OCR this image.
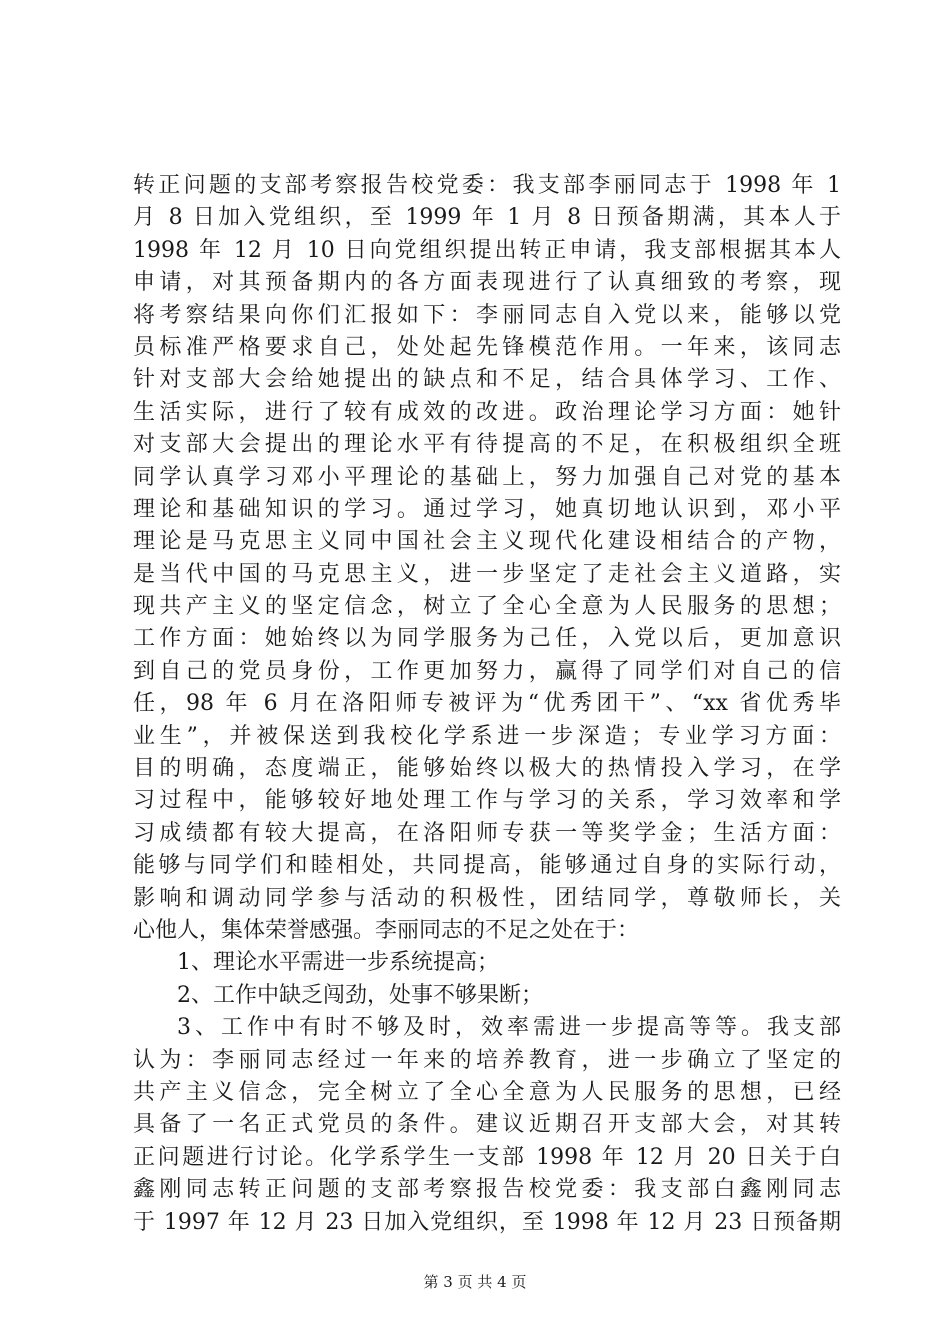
转正问题的支部考察报告校党委：我支部李丽同志于 1998 年 1
月 8 日加入党组织，至 1999 年 1 月 8 日预备期满，其本人于
1998 年 12 月 10 日向党组织提出转正申请，我支部根据其本人
申请，对其预备期内的各方面表现进行了认真细致的考察，现
将考察结果向你们汇报如下：李丽同志自入党以来，能够以党
员标准严格要求自己，处处起先锋模范作用。一年来，该同志
针对支部大会给她提出的缺点和不足，结合具体学习、工作、
生活实际，进行了较有成效的改进。政治理论学习方面：她针
对支部大会提出的理论水平有待提高的不足，在积极组织全班
同学认真学习邓小平理论的基础上，努力加强自己对党的基本
理论和基础知识的学习。通过学习，她真切地认识到，邓小平
理论是马克思主义同中国社会主义现代化建设相结合的产物，
是当代中国的马克思主义，进一步坚定了走社会主义道路，实
现共产主义的坚定信念，树立了全心全意为人民服务的思想；
工作方面：她始终以为同学服务为己任，入党以后，更加意识
到自己的党员身份，工作更加努力，赢得了同学们对自己的信
任，98 年 6 月在洛阳师专被评为“优秀团干”、“xx 省优秀毕
业生”，并被保送到我校化学系进一步深造；专业学习方面：
目的明确，态度端正，能够始终以极大的热情投入学习，在学
习过程中，能够较好地处理工作与学习的关系，学习效率和学
习成绩都有较大提高，在洛阳师专获一等奖学金；生活方面：
能够与同学们和睦相处，共同提高，能够通过自身的实际行动，
影响和调动同学参与活动的积极性，团结同学，尊敬师长，关
心他人，集体荣誉感强。李丽同志的不足之处在于：
1、理论水平需进一步系统提高；
2、工作中缺乏闯劲，处事不够果断；
3、工作中有时不够及时，效率需进一步提高等等。我支部
认为：李丽同志经过一年来的培养教育，进一步确立了坚定的
共产主义信念，完全树立了全心全意为人民服务的思想，已经
具备了一名正式党员的条件。建议近期召开支部大会，对其转
正问题进行讨论。化学系学生一支部 1998 年 12 月 20 日关于白
鑫刚同志转正问题的支部考察报告校党委：我支部白鑫刚同志
于 1997 年 12 月 23 日加入党组织，至 1998 年 12 月 23 日预备期
第 3 页 共 4 页
